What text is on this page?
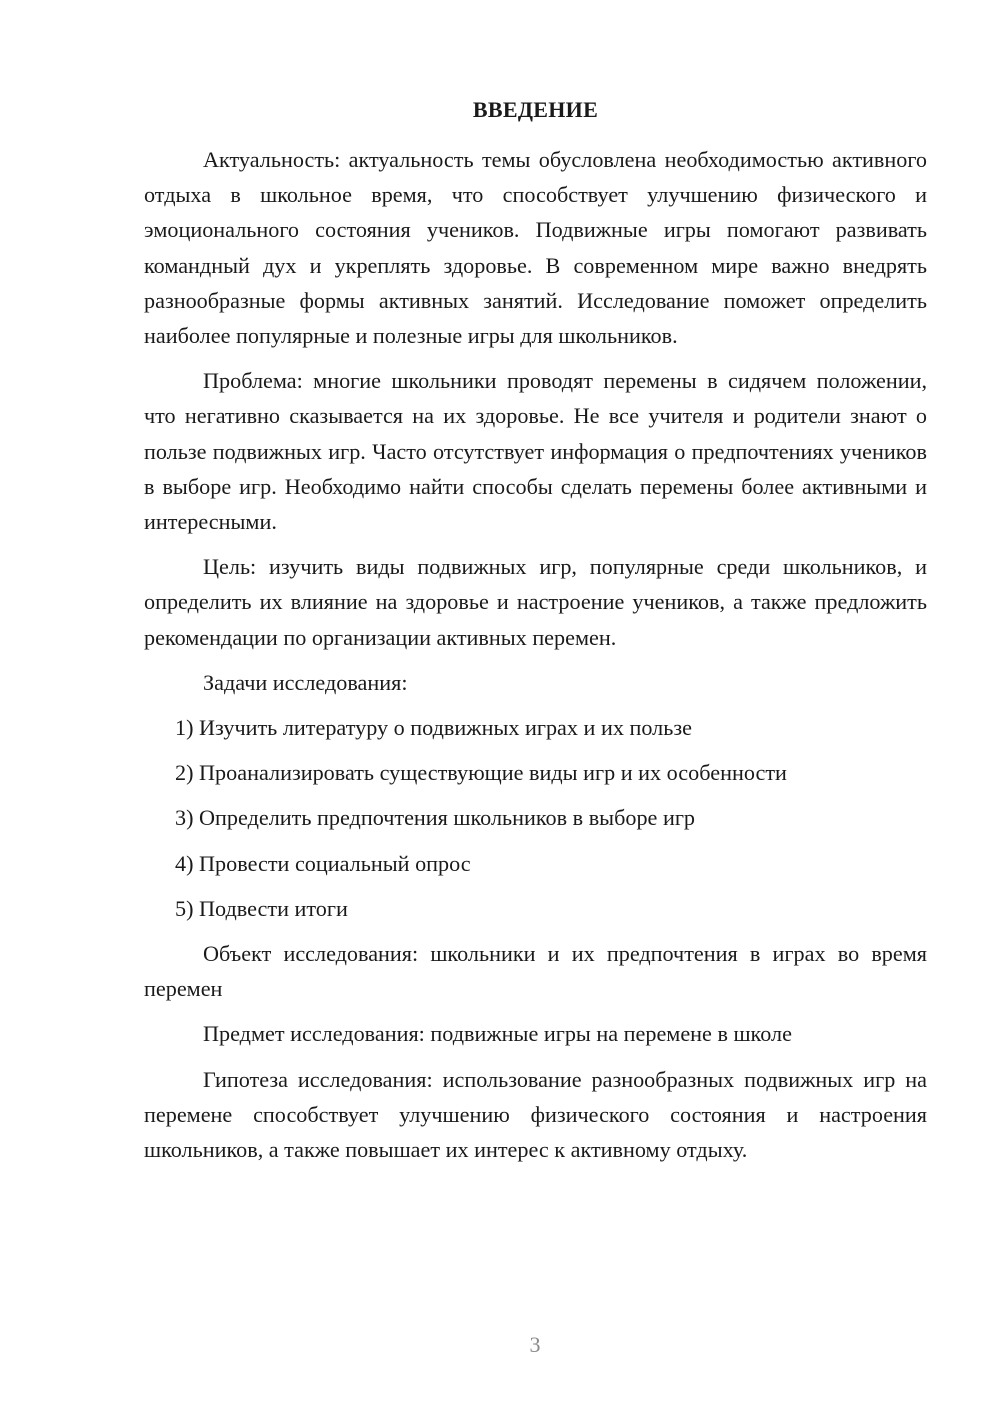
ВВЕДЕНИЕ

Актуальность: актуальность темы обусловлена необходимостью активного отдыха в школьное время, что способствует улучшению физического и эмоционального состояния учеников. Подвижные игры помогают развивать командный дух и укреплять здоровье. В современном мире важно внедрять разнообразные формы активных занятий. Исследование поможет определить наиболее популярные и полезные игры для школьников.

Проблема: многие школьники проводят перемены в сидячем положении, что негативно сказывается на их здоровье. Не все учителя и родители знают о пользе подвижных игр. Часто отсутствует информация о предпочтениях учеников в выборе игр. Необходимо найти способы сделать перемены более активными и интересными.

Цель: изучить виды подвижных игр, популярные среди школьников, и определить их влияние на здоровье и настроение учеников, а также предложить рекомендации по организации активных перемен.

Задачи исследования:

1) Изучить литературу о подвижных играх и их пользе
2) Проанализировать существующие виды игр и их особенности
3) Определить предпочтения школьников в выборе игр
4) Провести социальный опрос
5) Подвести итоги

Объект исследования: школьники и их предпочтения в играх во время перемен

Предмет исследования: подвижные игры на перемене в школе

Гипотеза исследования: использование разнообразных подвижных игр на перемене способствует улучшению физического состояния и настроения школьников, а также повышает их интерес к активному отдыху.

3
